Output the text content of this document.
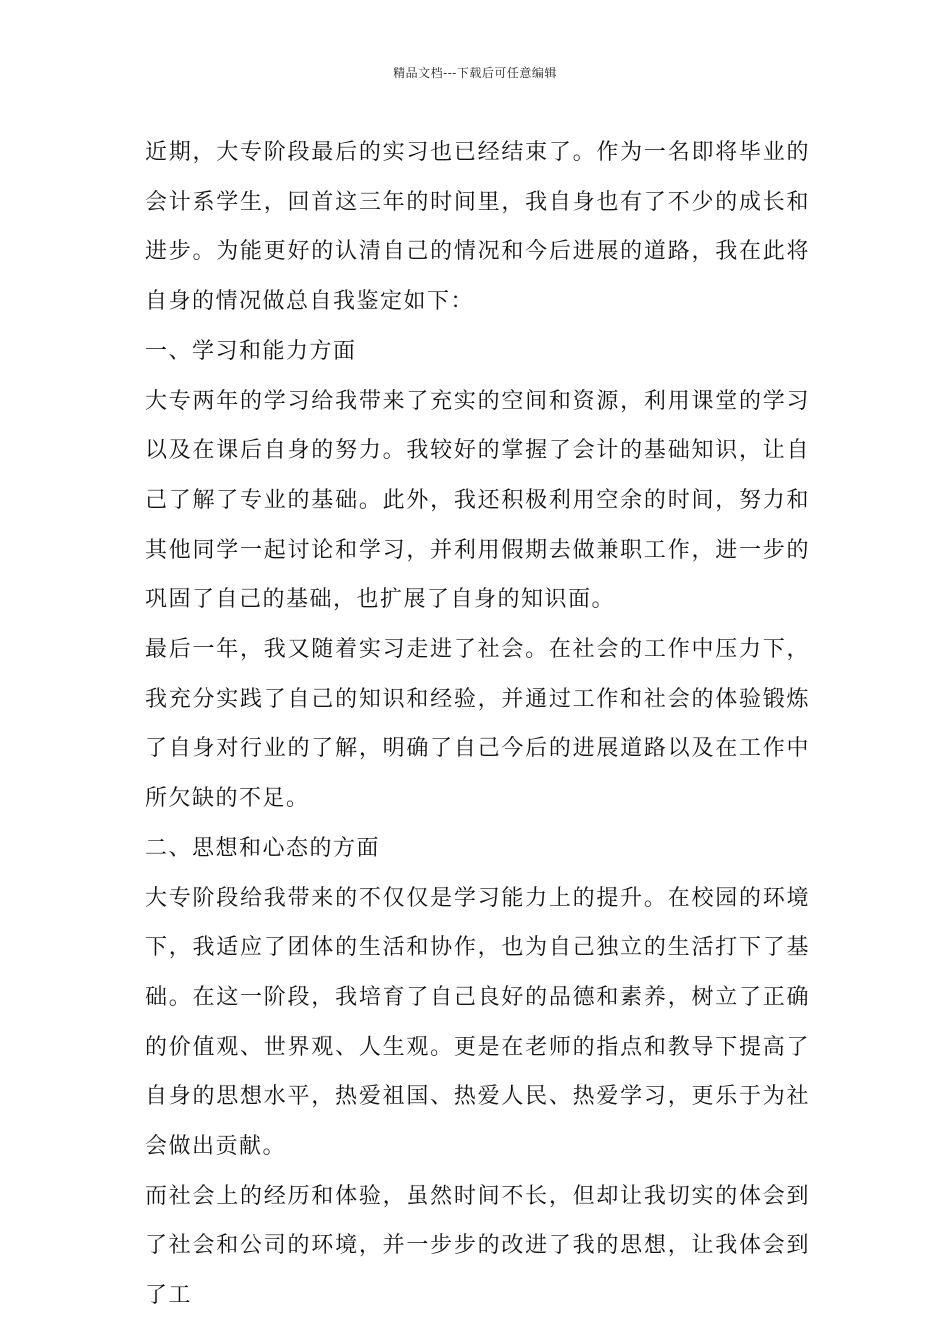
精品文档---下载后可任意编辑

近期，大专阶段最后的实习也已经结束了。作为一名即将毕业的会计系学生，回首这三年的时间里，我自身也有了不少的成长和进步。为能更好的认清自己的情况和今后进展的道路，我在此将自身的情况做总自我鉴定如下：

一、学习和能力方面

大专两年的学习给我带来了充实的空间和资源，利用课堂的学习以及在课后自身的努力。我较好的掌握了会计的基础知识，让自己了解了专业的基础。此外，我还积极利用空余的时间，努力和其他同学一起讨论和学习，并利用假期去做兼职工作，进一步的巩固了自己的基础，也扩展了自身的知识面。

最后一年，我又随着实习走进了社会。在社会的工作中压力下，我充分实践了自己的知识和经验，并通过工作和社会的体验锻炼了自身对行业的了解，明确了自己今后的进展道路以及在工作中所欠缺的不足。

二、思想和心态的方面

大专阶段给我带来的不仅仅是学习能力上的提升。在校园的环境下，我适应了团体的生活和协作，也为自己独立的生活打下了基础。在这一阶段，我培育了自己良好的品德和素养，树立了正确的价值观、世界观、人生观。更是在老师的指点和教导下提高了自身的思想水平，热爱祖国、热爱人民、热爱学习，更乐于为社会做出贡献。

而社会上的经历和体验，虽然时间不长，但却让我切实的体会到了社会和公司的环境，并一步步的改进了我的思想，让我体会到了工
